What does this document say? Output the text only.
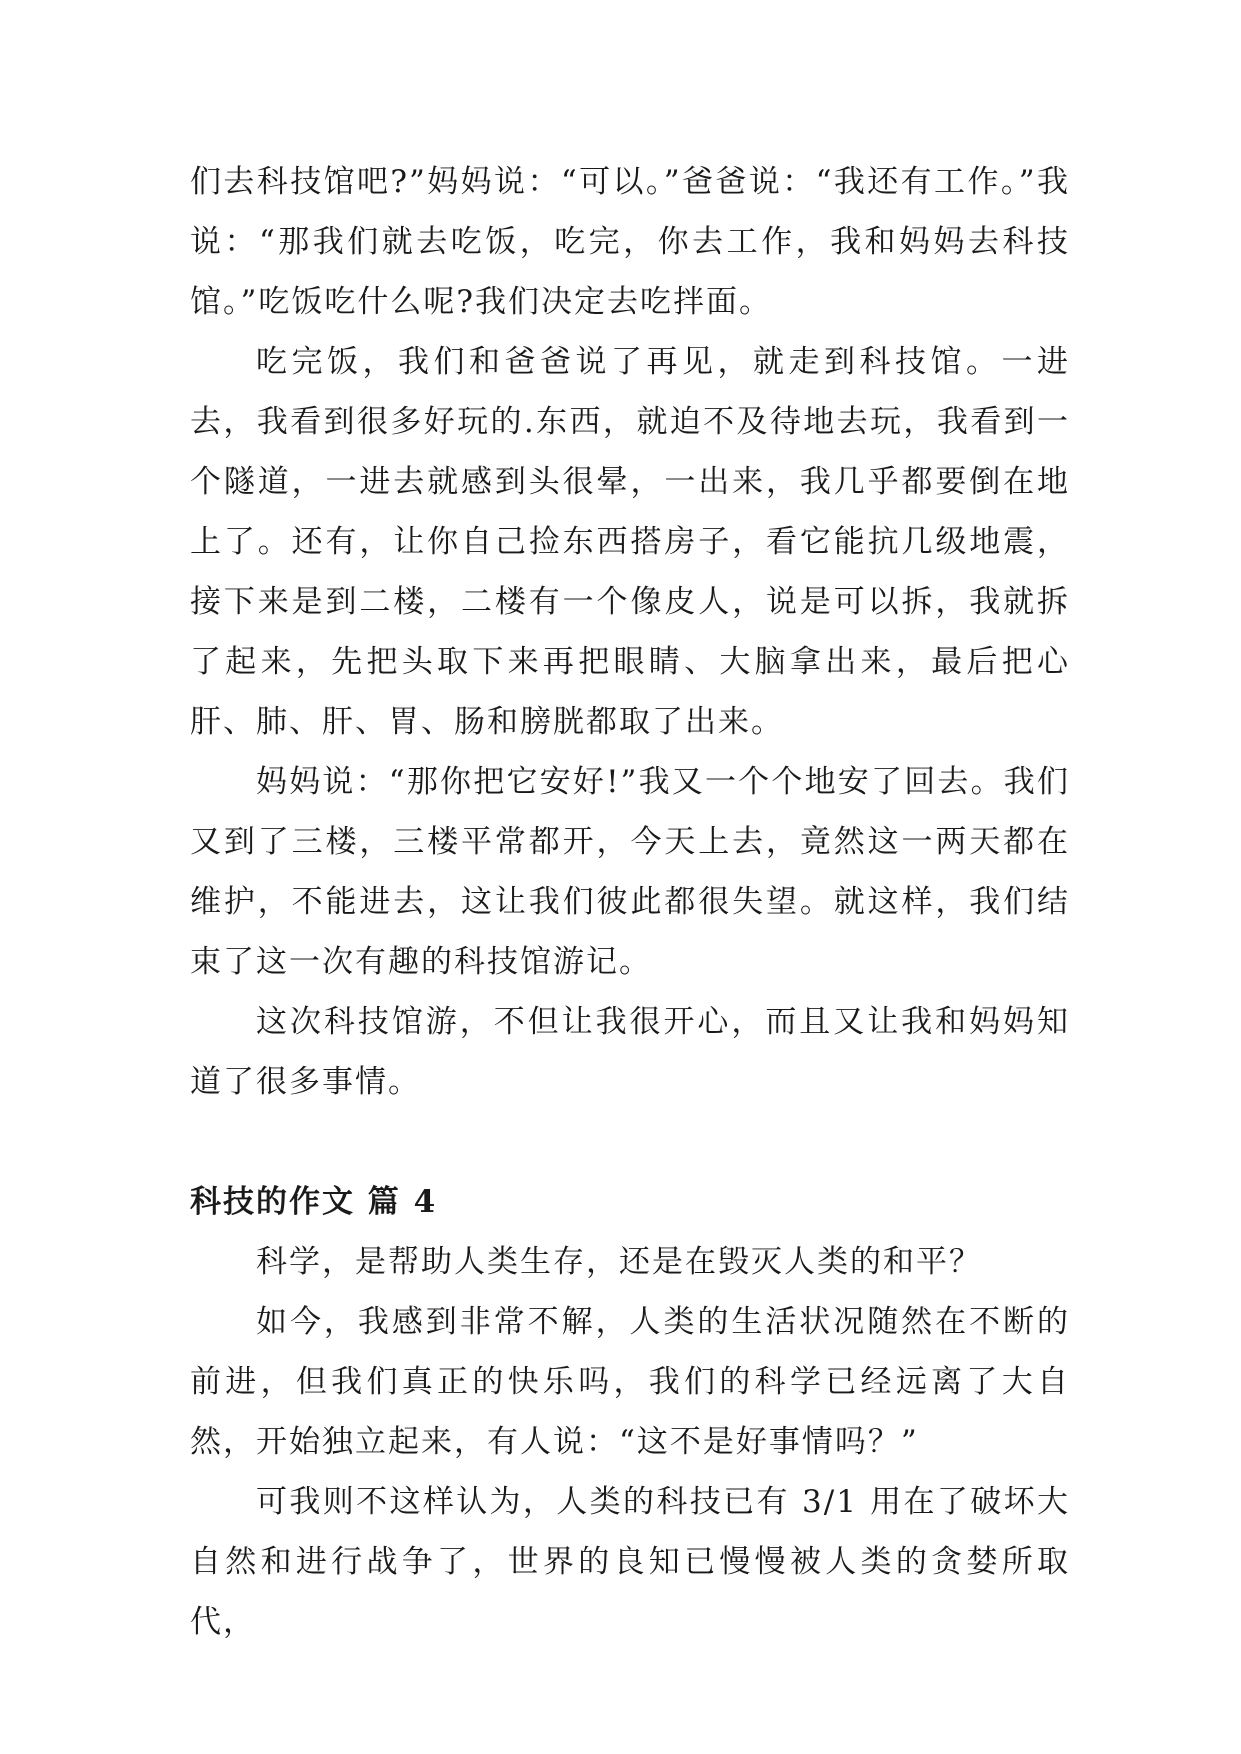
们去科技馆吧?”妈妈说：“可以。”爸爸说：“我还有工作。”我说：“那我们就去吃饭，吃完，你去工作，我和妈妈去科技馆。”吃饭吃什么呢?我们决定去吃拌面。

吃完饭，我们和爸爸说了再见，就走到科技馆。一进去，我看到很多好玩的.东西，就迫不及待地去玩，我看到一个隧道，一进去就感到头很晕，一出来，我几乎都要倒在地上了。还有，让你自己捡东西搭房子，看它能抗几级地震，接下来是到二楼，二楼有一个像皮人，说是可以拆，我就拆了起来，先把头取下来再把眼睛、大脑拿出来，最后把心肝、肺、肝、胃、肠和膀胱都取了出来。

妈妈说：“那你把它安好!”我又一个个地安了回去。我们又到了三楼，三楼平常都开，今天上去，竟然这一两天都在维护，不能进去，这让我们彼此都很失望。就这样，我们结束了这一次有趣的科技馆游记。

这次科技馆游，不但让我很开心，而且又让我和妈妈知道了很多事情。

科技的作文 篇 4

科学，是帮助人类生存，还是在毁灭人类的和平？

如今，我感到非常不解，人类的生活状况随然在不断的前进，但我们真正的快乐吗，我们的科学已经远离了大自然，开始独立起来，有人说：“这不是好事情吗？”

可我则不这样认为，人类的科技已有 3/1 用在了破坏大自然和进行战争了，世界的良知已慢慢被人类的贪婪所取代，
